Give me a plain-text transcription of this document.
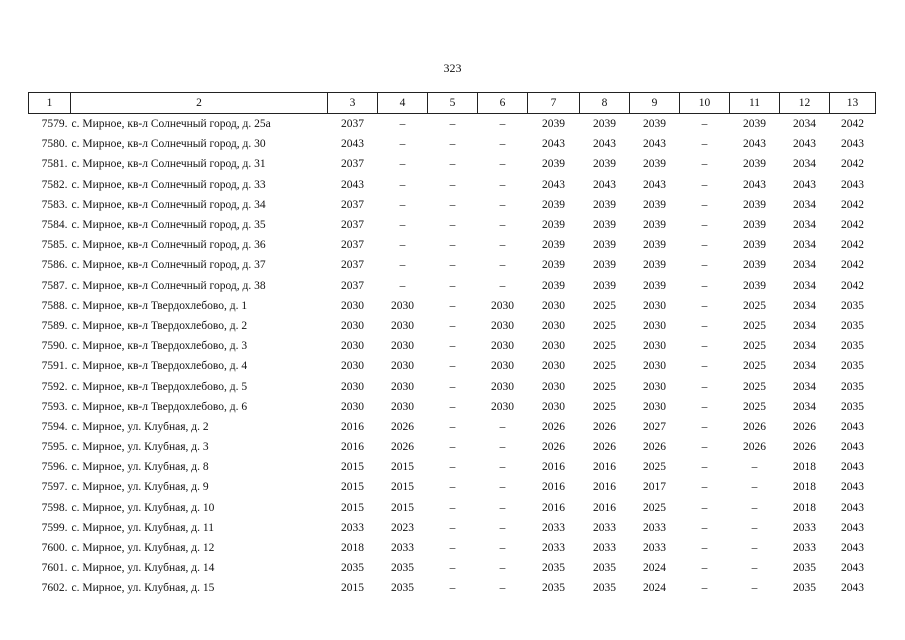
323
1	2	3	4	5	6	7	8	9	10	11	12	13
7579.	с. Мирное, кв-л Солнечный город, д. 25а	2037	–	–	–	2039	2039	2039	–	2039	2034	2042
7580.	с. Мирное, кв-л Солнечный город, д. 30	2043	–	–	–	2043	2043	2043	–	2043	2043	2043
7581.	с. Мирное, кв-л Солнечный город, д. 31	2037	–	–	–	2039	2039	2039	–	2039	2034	2042
7582.	с. Мирное, кв-л Солнечный город, д. 33	2043	–	–	–	2043	2043	2043	–	2043	2043	2043
7583.	с. Мирное, кв-л Солнечный город, д. 34	2037	–	–	–	2039	2039	2039	–	2039	2034	2042
7584.	с. Мирное, кв-л Солнечный город, д. 35	2037	–	–	–	2039	2039	2039	–	2039	2034	2042
7585.	с. Мирное, кв-л Солнечный город, д. 36	2037	–	–	–	2039	2039	2039	–	2039	2034	2042
7586.	с. Мирное, кв-л Солнечный город, д. 37	2037	–	–	–	2039	2039	2039	–	2039	2034	2042
7587.	с. Мирное, кв-л Солнечный город, д. 38	2037	–	–	–	2039	2039	2039	–	2039	2034	2042
7588.	с. Мирное, кв-л Твердохлебово, д. 1	2030	2030	–	2030	2030	2025	2030	–	2025	2034	2035
7589.	с. Мирное, кв-л Твердохлебово, д. 2	2030	2030	–	2030	2030	2025	2030	–	2025	2034	2035
7590.	с. Мирное, кв-л Твердохлебово, д. 3	2030	2030	–	2030	2030	2025	2030	–	2025	2034	2035
7591.	с. Мирное, кв-л Твердохлебово, д. 4	2030	2030	–	2030	2030	2025	2030	–	2025	2034	2035
7592.	с. Мирное, кв-л Твердохлебово, д. 5	2030	2030	–	2030	2030	2025	2030	–	2025	2034	2035
7593.	с. Мирное, кв-л Твердохлебово, д. 6	2030	2030	–	2030	2030	2025	2030	–	2025	2034	2035
7594.	с. Мирное, ул. Клубная, д. 2	2016	2026	–	–	2026	2026	2027	–	2026	2026	2043
7595.	с. Мирное, ул. Клубная, д. 3	2016	2026	–	–	2026	2026	2026	–	2026	2026	2043
7596.	с. Мирное, ул. Клубная, д. 8	2015	2015	–	–	2016	2016	2025	–	–	2018	2043
7597.	с. Мирное, ул. Клубная, д. 9	2015	2015	–	–	2016	2016	2017	–	–	2018	2043
7598.	с. Мирное, ул. Клубная, д. 10	2015	2015	–	–	2016	2016	2025	–	–	2018	2043
7599.	с. Мирное, ул. Клубная, д. 11	2033	2023	–	–	2033	2033	2033	–	–	2033	2043
7600.	с. Мирное, ул. Клубная, д. 12	2018	2033	–	–	2033	2033	2033	–	–	2033	2043
7601.	с. Мирное, ул. Клубная, д. 14	2035	2035	–	–	2035	2035	2024	–	–	2035	2043
7602.	с. Мирное, ул. Клубная, д. 15	2015	2035	–	–	2035	2035	2024	–	–	2035	2043
